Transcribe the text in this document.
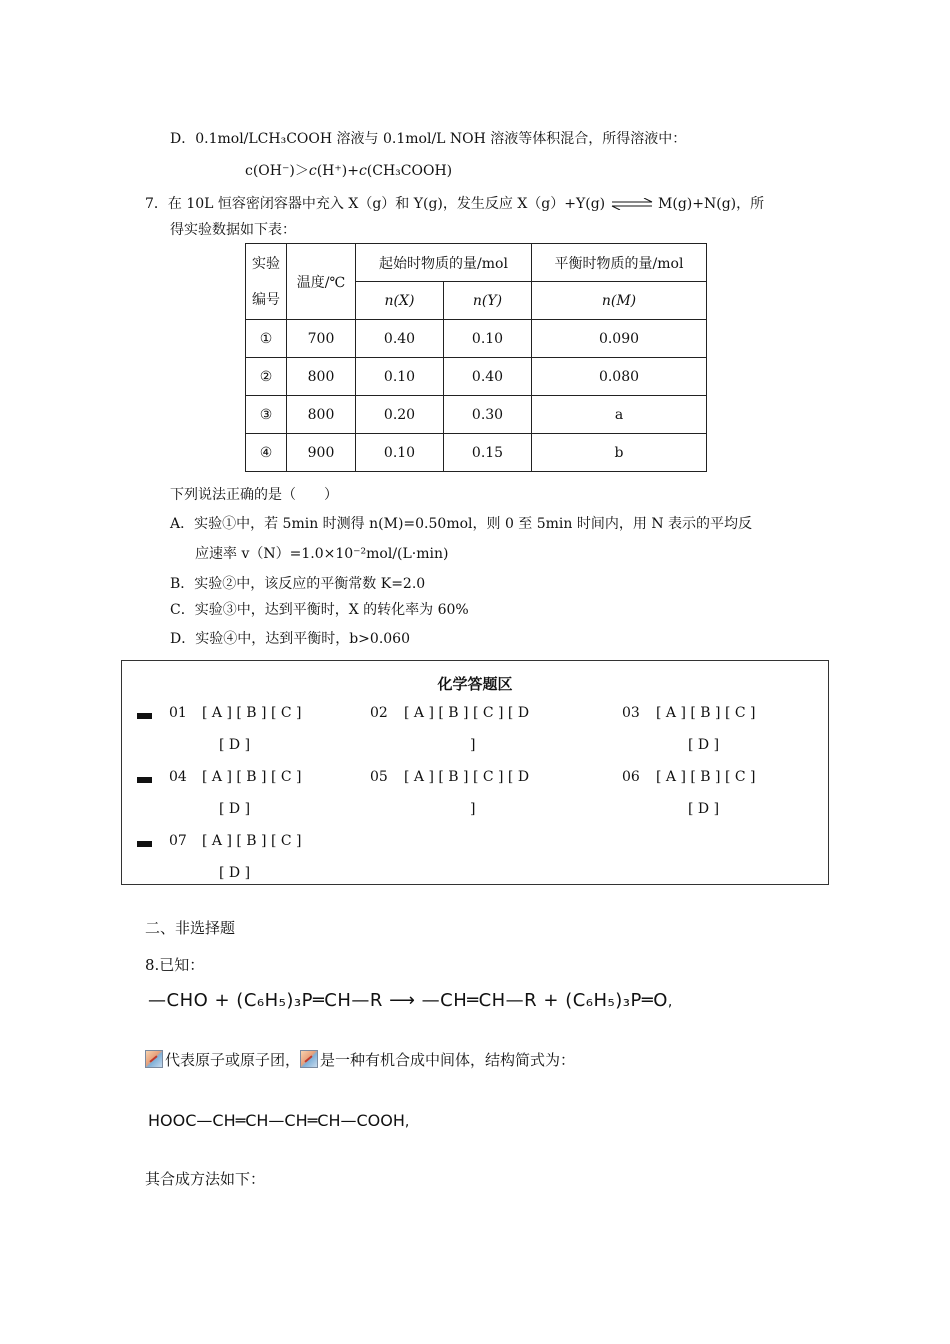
D．0.1mol/LCH₃COOH 溶液与 0.1mol/L NOH 溶液等体积混合，所得溶液中：
c(OH⁻)＞c(H⁺)+c(CH₃COOH)
7．在 10L 恒容密闭容器中充入 X（g）和 Y(g)，发生反应 X（g）+Y(g) ⇌ M(g)+N(g)，所
得实验数据如下表：
实验
编号	温度/℃	起始时物质的量/mol		平衡时物质的量/mol
		n(X)	n(Y)	n(M)
①	700	0.40	0.10	0.090
②	800	0.10	0.40	0.080
③	800	0.20	0.30	a
④	900	0.10	0.15	b
下列说法正确的是（　　）
A．实验①中，若 5min 时测得 n(M)=0.50mol，则 0 至 5min 时间内，用 N 表示的平均反
应速率 v（N）=1.0×10⁻²mol/(L·min)
B．实验②中，该反应的平衡常数 K=2.0
C．实验③中，达到平衡时，X 的转化率为 60%
D．实验④中，达到平衡时，b>0.060
化学答题区
01 [ A ] [ B ] [ C ]
[ D ]
02 [ A ] [ B ] [ C ] [ D
]
03 [ A ] [ B ] [ C ]
[ D ]
04 [ A ] [ B ] [ C ]
[ D ]
05 [ A ] [ B ] [ C ] [ D
]
06 [ A ] [ B ] [ C ]
[ D ]
07 [ A ] [ B ] [ C ]
[ D ]
二、非选择题
8.已知：
—CHO + (C₆H₅)₃P═CH—R ⟶ —CH═CH—R + (C₆H₅)₃P═O,
代表原子或原子团， 是一种有机合成中间体，结构简式为：
HOOC—CH═CH—CH═CH—COOH,
其合成方法如下：
